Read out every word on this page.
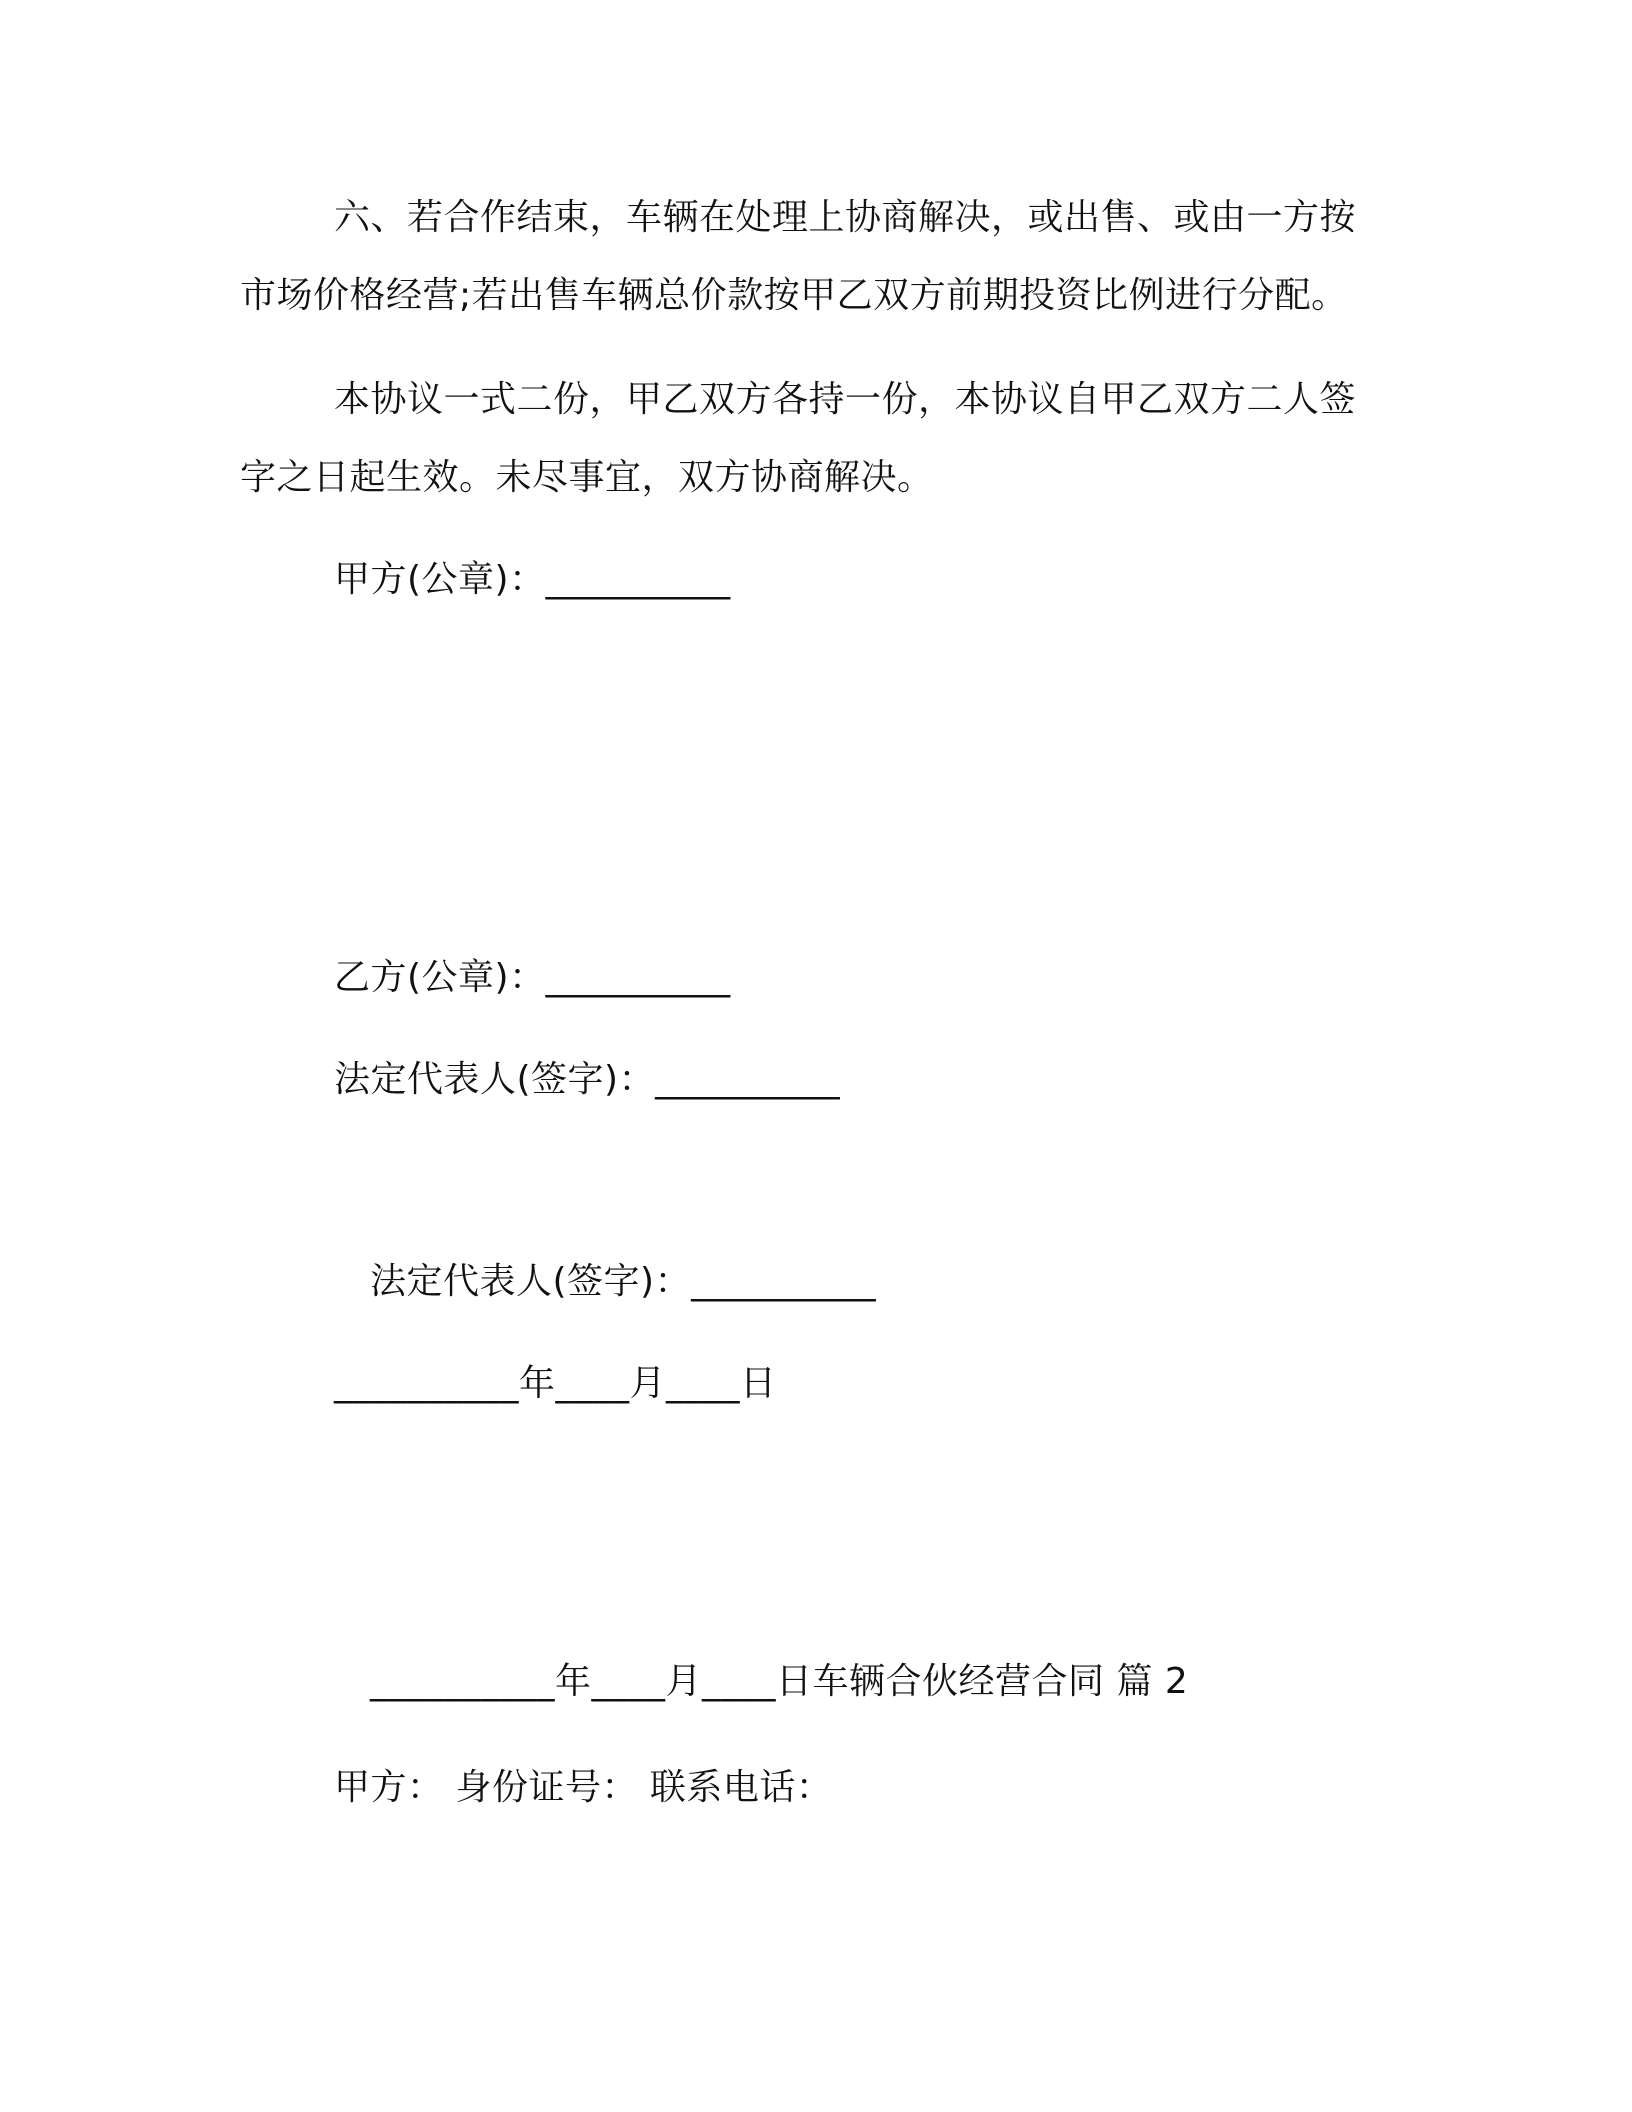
六、若合作结束，车辆在处理上协商解决，或出售、或由一方按
市场价格经营;若出售车辆总价款按甲乙双方前期投资比例进行分配。
本协议一式二份，甲乙双方各持一份，本协议自甲乙双方二人签
字之日起生效。未尽事宜，双方协商解决。
甲方(公章)：__________
乙方(公章)：__________
法定代表人(签字)：__________
法定代表人(签字)：__________
__________年____月____日
__________年____月____日车辆合伙经营合同 篇 2
甲方： 身份证号： 联系电话：
